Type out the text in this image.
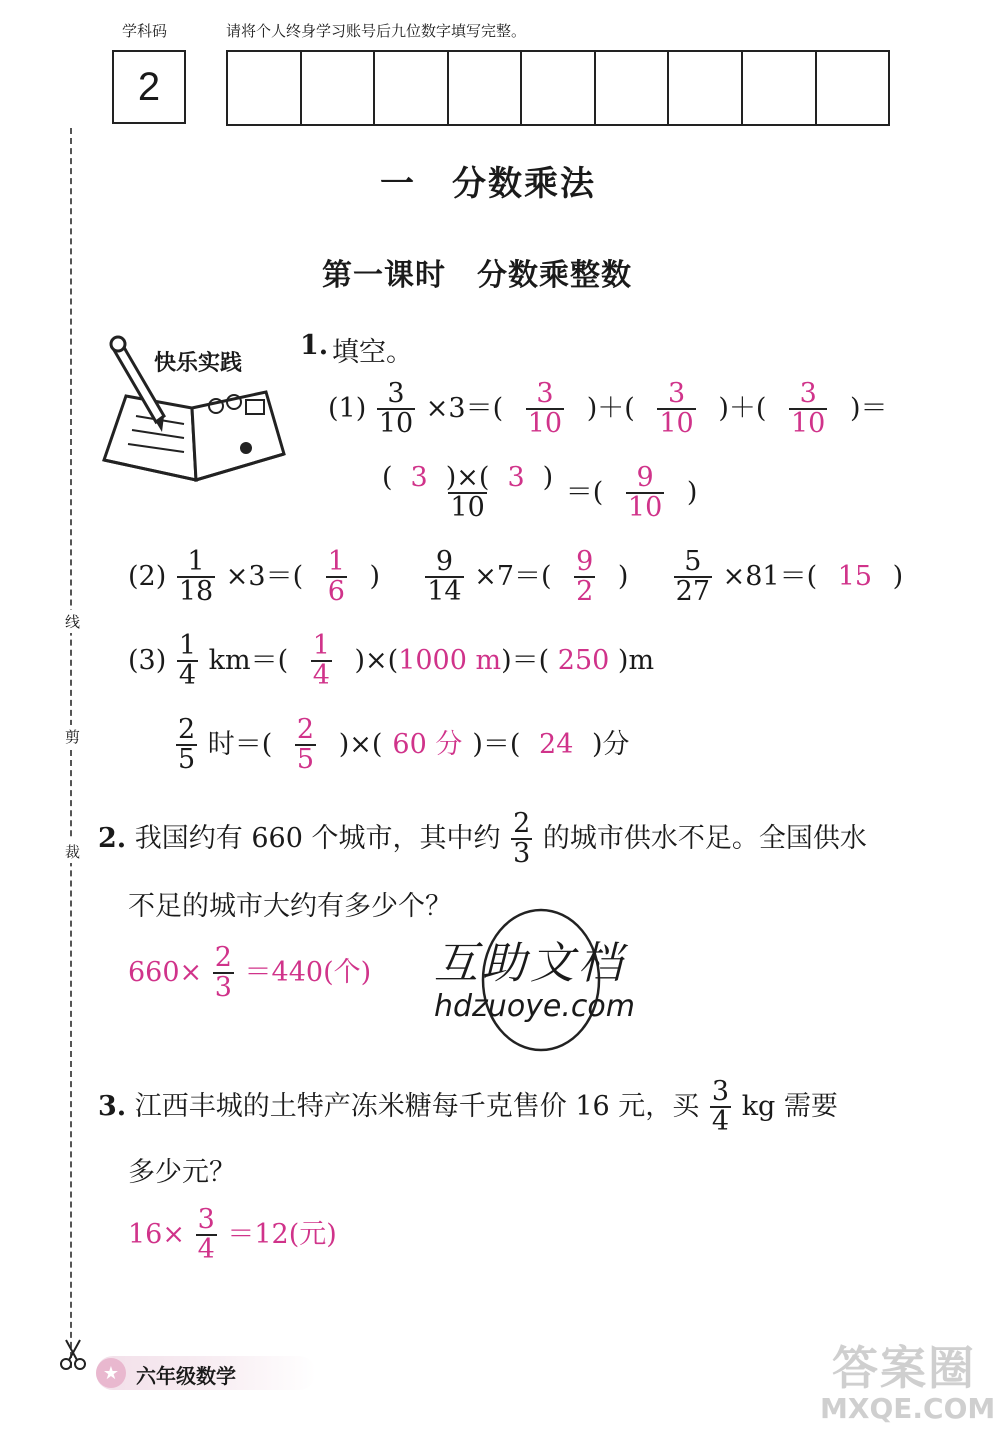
学科码	请将个人终身学习账号后九位数字填写完整。
2
线
剪
裁
一　分数乘法
第一课时　分数乘整数
快乐实践
1. 填空。
$(1) \frac{3}{10} \times 3=( \frac{3}{10}$ )＋( $\frac{3}{10}$ )＋( $\frac{3}{10}$ )＝
$\frac{( 3 )\times( 3 )}{10}$ ＝( $\frac{9}{10}$ )
$(2) \frac{1}{18} \times 3=( \frac{1}{6}$ ) $\frac{9}{14} \times 7=( \frac{9}{2}$ ) $\frac{5}{27} \times 81=$( 15 )
$(3) \frac{1}{4} km=( \frac{1}{4} )\times(1000$ m)＝( 250 )m
$\frac{2}{5}$ 时＝( $\frac{2}{5}$ )×( 60 分 )＝( 24 )分
2. 我国约有 660 个城市，其中约 $\frac{2}{3}$ 的城市供水不足。全国供水
不足的城市大约有多少个？
$660\times \frac{2}{3} =440$(个) 互助文档
hdzuoye.com
3. 江西丰城的土特产冻米糖每千克售价 16 元，买 $\frac{3}{4}$ kg 需要
多少元？
$16\times \frac{3}{4} =12$(元)
★ 六年级数学	答案圈
MXQE.COM
